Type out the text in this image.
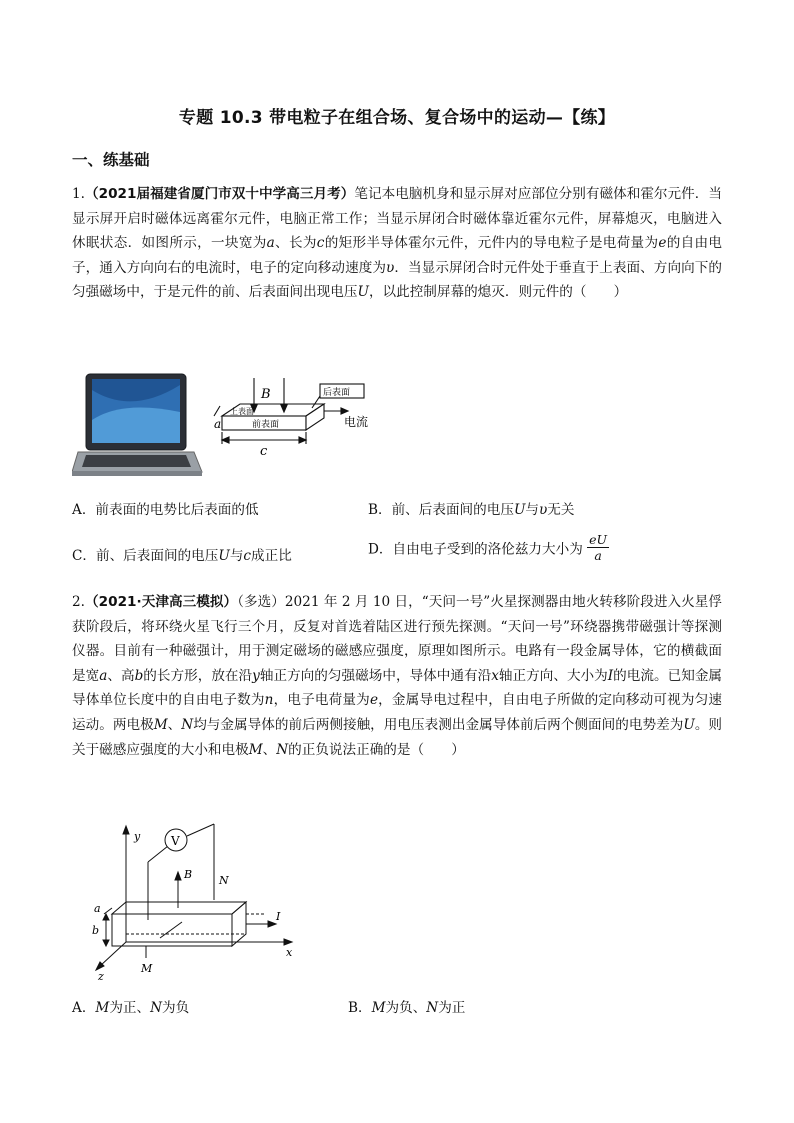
专题 10.3 带电粒子在组合场、复合场中的运动—【练】
一、练基础
1.（2021届福建省厦门市双十中学高三月考）笔记本电脑机身和显示屏对应部位分别有磁体和霍尔元件．当显示屏开启时磁体远离霍尔元件，电脑正常工作；当显示屏闭合时磁体靠近霍尔元件，屏幕熄灭，电脑进入休眠状态．如图所示，一块宽为a、长为c的矩形半导体霍尔元件，元件内的导电粒子是电荷量为e的自由电子，通入方向向右的电流时，电子的定向移动速度为υ．当显示屏闭合时元件处于垂直于上表面、方向向下的匀强磁场中，于是元件的前、后表面间出现电压U，以此控制屏幕的熄灭．则元件的（　　）
B	后表面
上表面
前表面	电流
a
c
A．前表面的电势比后表面的低	B．前、后表面间的电压U与υ无关
C．前、后表面间的电压U与c成正比	D．自由电子受到的洛伦兹力大小为 $\frac{eU}{a}$
2.（2021·天津高三模拟）（多选）2021 年 2 月 10 日，“天问一号”火星探测器由地火转移阶段进入火星俘获阶段后，将环绕火星飞行三个月，反复对首选着陆区进行预先探测。“天问一号”环绕器携带磁强计等探测仪器。目前有一种磁强计，用于测定磁场的磁感应强度，原理如图所示。电路有一段金属导体，它的横截面是宽a、高b的长方形，放在沿y轴正方向的匀强磁场中，导体中通有沿x轴正方向、大小为I的电流。已知金属导体单位长度中的自由电子数为n，电子电荷量为e，金属导电过程中，自由电子所做的定向移动可视为匀速运动。两电极M、N均与金属导体的前后两侧接触，用电压表测出金属导体前后两个侧面间的电势差为U。则关于磁感应强度的大小和电极M、N的正负说法正确的是（　　）
y	V
B N
a
b
I
x
z
M
A．M为正、N为负	B．M为负、N为正
